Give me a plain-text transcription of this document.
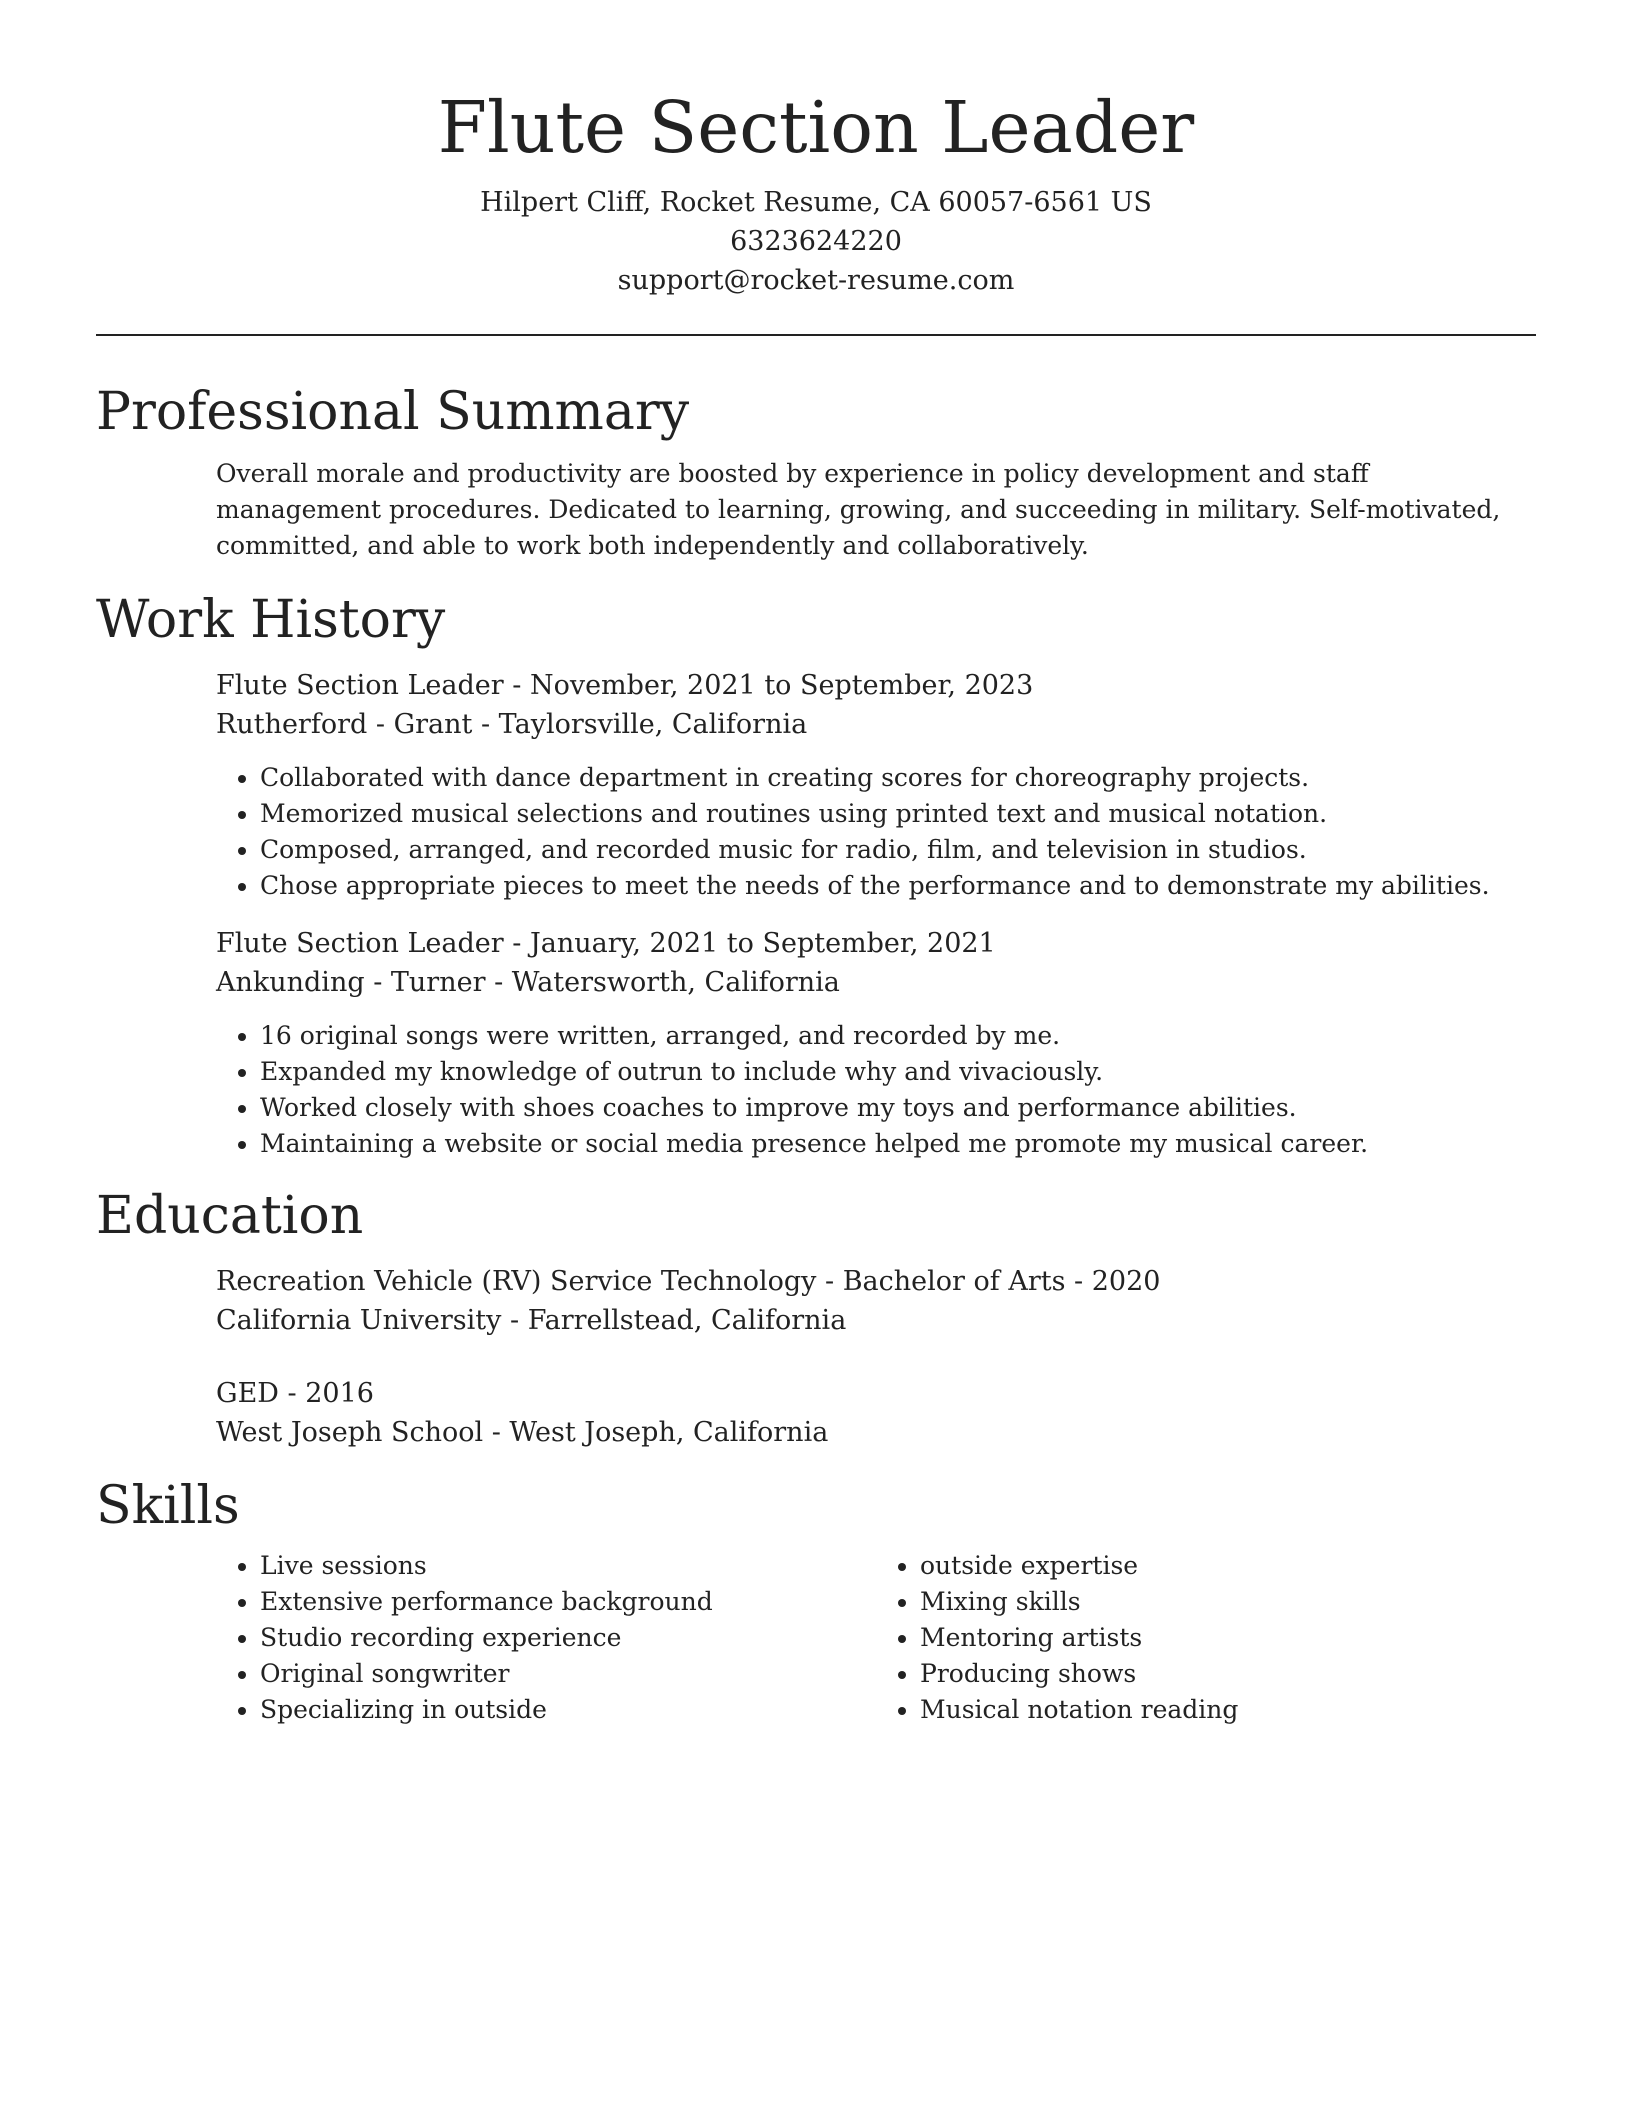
Flute Section Leader
Hilpert Cliff, Rocket Resume, CA 60057-6561 US
6323624220
support@rocket-resume.com
Professional Summary
Overall morale and productivity are boosted by experience in policy development and staff management procedures. Dedicated to learning, growing, and succeeding in military. Self-motivated, committed, and able to work both independently and collaboratively.
Work History
Flute Section Leader - November, 2021 to September, 2023
Rutherford - Grant - Taylorsville, California
• Collaborated with dance department in creating scores for choreography projects.
• Memorized musical selections and routines using printed text and musical notation.
• Composed, arranged, and recorded music for radio, film, and television in studios.
• Chose appropriate pieces to meet the needs of the performance and to demonstrate my abilities.
Flute Section Leader - January, 2021 to September, 2021
Ankunding - Turner - Watersworth, California
• 16 original songs were written, arranged, and recorded by me.
• Expanded my knowledge of outrun to include why and vivaciously.
• Worked closely with shoes coaches to improve my toys and performance abilities.
• Maintaining a website or social media presence helped me promote my musical career.
Education
Recreation Vehicle (RV) Service Technology - Bachelor of Arts - 2020
California University - Farrellstead, California
GED - 2016
West Joseph School - West Joseph, California
Skills
• Live sessions
• Extensive performance background
• Studio recording experience
• Original songwriter
• Specializing in outside
• outside expertise
• Mixing skills
• Mentoring artists
• Producing shows
• Musical notation reading
